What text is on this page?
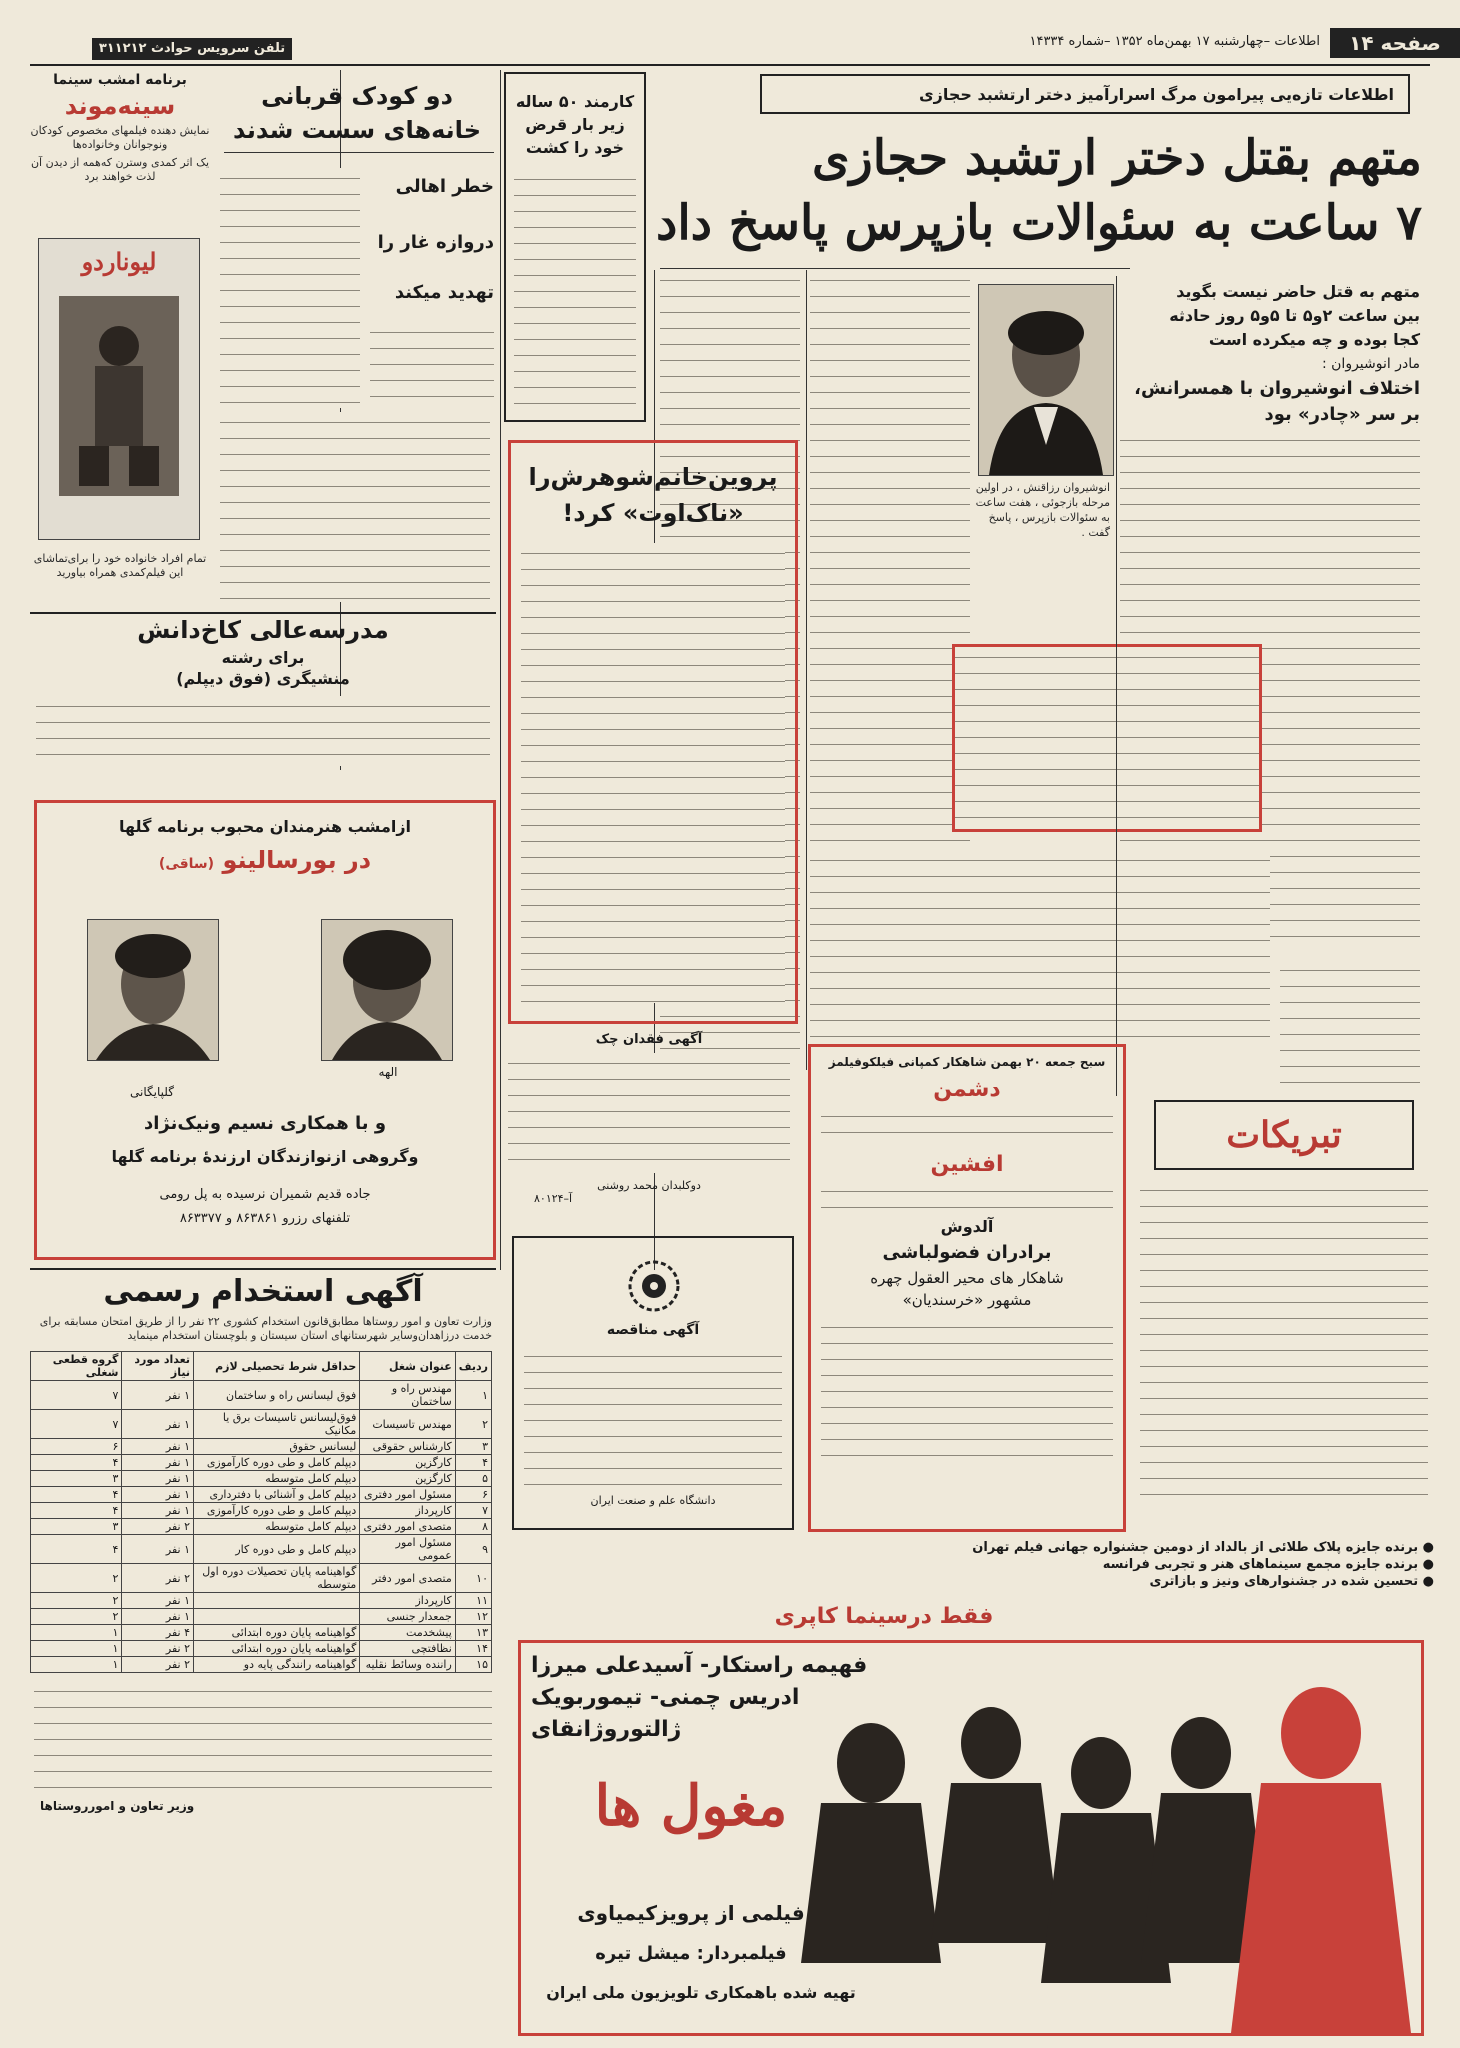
صفحه ۱۴
اطلاعات –چهارشنبه ۱۷ بهمن‌ماه ۱۳۵۲ –شماره ۱۴۳۳۴
تلفن سرویس حوادث ۳۱۱۲۱۲
اطلاعات تازه‌یی پیرامون مرگ اسرارآمیز دختر ارتشبد حجازی
متهم بقتل دختر ارتشبد حجازی
۷ ساعت به سئوالات بازپرس پاسخ داد
متهم به قتل حاضر نیست بگوید
بین ساعت ۲و۵ تا ۵و۵ روز حادثه
کجا بوده و چه میکرده است
مادر انوشیروان :
اختلاف انوشیروان با همسرانش،
بر سر «چادر» بود
انوشیروان رزاقنش ، در اولین مرحله بازجوئی ، هفت ساعت به سئوالات بازپرس ، پاسخ گفت .
کارمند ۵۰ ساله
زیر بار قرض
خود را کشت
دو کودک قربانی
خانه‌های سست شدند
خطر اهالی
دروازه غار را
تهدید میکند
برنامه امشب سینما
سینه‌موند
نمایش دهنده فیلمهای مخصوص کودکان ونوجوانان وخانواده‌ها
یک اثر کمدی وسترن که‌همه از دیدن آن لذت خواهند برد
لیوناردو
تمام افراد خانواده خود را برای‌تماشای این فیلم‌کمدی همراه بیاورید
پروین‌خانم‌شوهرش‌را
«ناک‌اوت» کرد!
مدرسه‌عالی کاخ‌دانش
برای رشته
منشیگری (فوق دیپلم)
ازامشب هنرمندان محبوب برنامه گلها
در بورسالینو (ساقی)
الهه
گلپایگانی
و با همکاری نسیم ونیک‌نژاد
وگروهی ازنوازندگان ارزندهٔ برنامه گلها
جاده قدیم شمیران نرسیده به پل رومی
تلفنهای رزرو ۸۶۳۸۶۱ و ۸۶۳۳۷۷
آگهی استخدام رسمی
وزارت تعاون و امور روستاها مطابق‌قانون استخدام کشوری ۲۲ نفر را از طریق امتحان مسابقه برای خدمت درزاهدان‌وسایر شهرستانهای استان سیستان و بلوچستان استخدام مینماید
ردیف	عنوان شغل	حداقل شرط تحصیلی لازم	تعداد مورد نیاز	گروه قطعی شغلی
۱	مهندس راه و ساختمان	فوق لیسانس راه و ساختمان	۱ نفر	۷
۲	مهندس تاسیسات	فوق‌لیسانس تاسیسات برق یا مکانیک	۱ نفر	۷
۳	کارشناس حقوقی	لیسانس حقوق	۱ نفر	۶
۴	کارگزین	دیپلم کامل و طی دوره کارآموزی	۱ نفر	۴
۵	کارگزین	دیپلم کامل متوسطه	۱ نفر	۳
۶	مسئول امور دفتری	دیپلم کامل و آشنائی با دفترداری	۱ نفر	۴
۷	کارپرداز	دیپلم کامل و طی دوره کارآموزی	۱ نفر	۴
۸	متصدی امور دفتری	دیپلم کامل متوسطه	۲ نفر	۳
۹	مسئول امور عمومی	دیپلم کامل و طی دوره کار	۱ نفر	۴
۱۰	متصدی امور دفتر	گواهینامه پایان تحصیلات دوره اول متوسطه	۲ نفر	۲
۱۱	کارپرداز		۱ نفر	۲
۱۲	جمعدار جنسی		۱ نفر	۲
۱۳	پیشخدمت	گواهینامه پایان دوره ابتدائی	۴ نفر	۱
۱۴	نظافتچی	گواهینامه پایان دوره ابتدائی	۲ نفر	۱
۱۵	راننده وسائط نقلیه	گواهینامه رانندگی پایه دو	۲ نفر	۱
وزیر تعاون و امورروستاها
آگهی فقدان چک
دوکلبدان محمد روشنی
آ–۸۰۱۲۴
آگهی مناقصه
دانشگاه علم و صنعت ایران
سبح جمعه ۲۰ بهمن شاهکار کمپانی فیلکوفیلمز
دشمن
افشین
آلدوش
برادران فضولباشی
شاهکار های محیر العقول چهره
مشهور «خرسندیان»
تبریکات
● برنده جایزه پلاک طلائی از بالداد از دومین جشنواره جهانی فیلم تهران
● برنده جایزه مجمع سینماهای هنر و تجربی فرانسه
● تحسین شده در جشنوارهای ونیز و بازاتری
فقط درسینما کاپری
فهیمه راستکار- آسیدعلی میرزا
ادریس چمنی- تیموربویک
ژالتوروژانقای
مغول ها
فیلمی از پرویزکیمیاوی
فیلمبردار: میشل تیره
تهیه شده باهمکاری تلویزیون ملی ایران
